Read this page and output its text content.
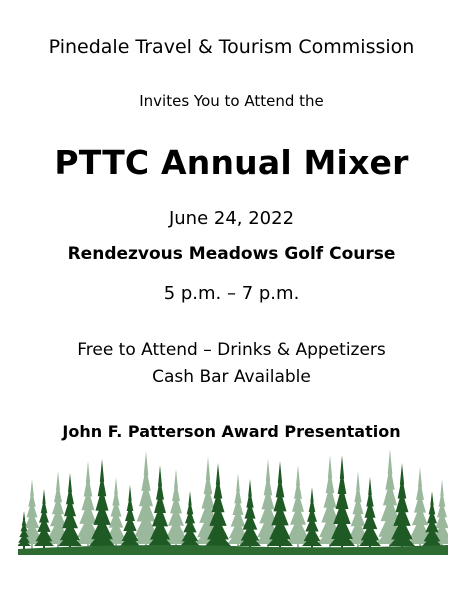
Pinedale Travel & Tourism Commission
Invites You to Attend the
PTTC Annual Mixer
June 24, 2022
Rendezvous Meadows Golf Course
5 p.m. – 7 p.m.
Free to Attend – Drinks & Appetizers
Cash Bar Available
John F. Patterson Award Presentation
